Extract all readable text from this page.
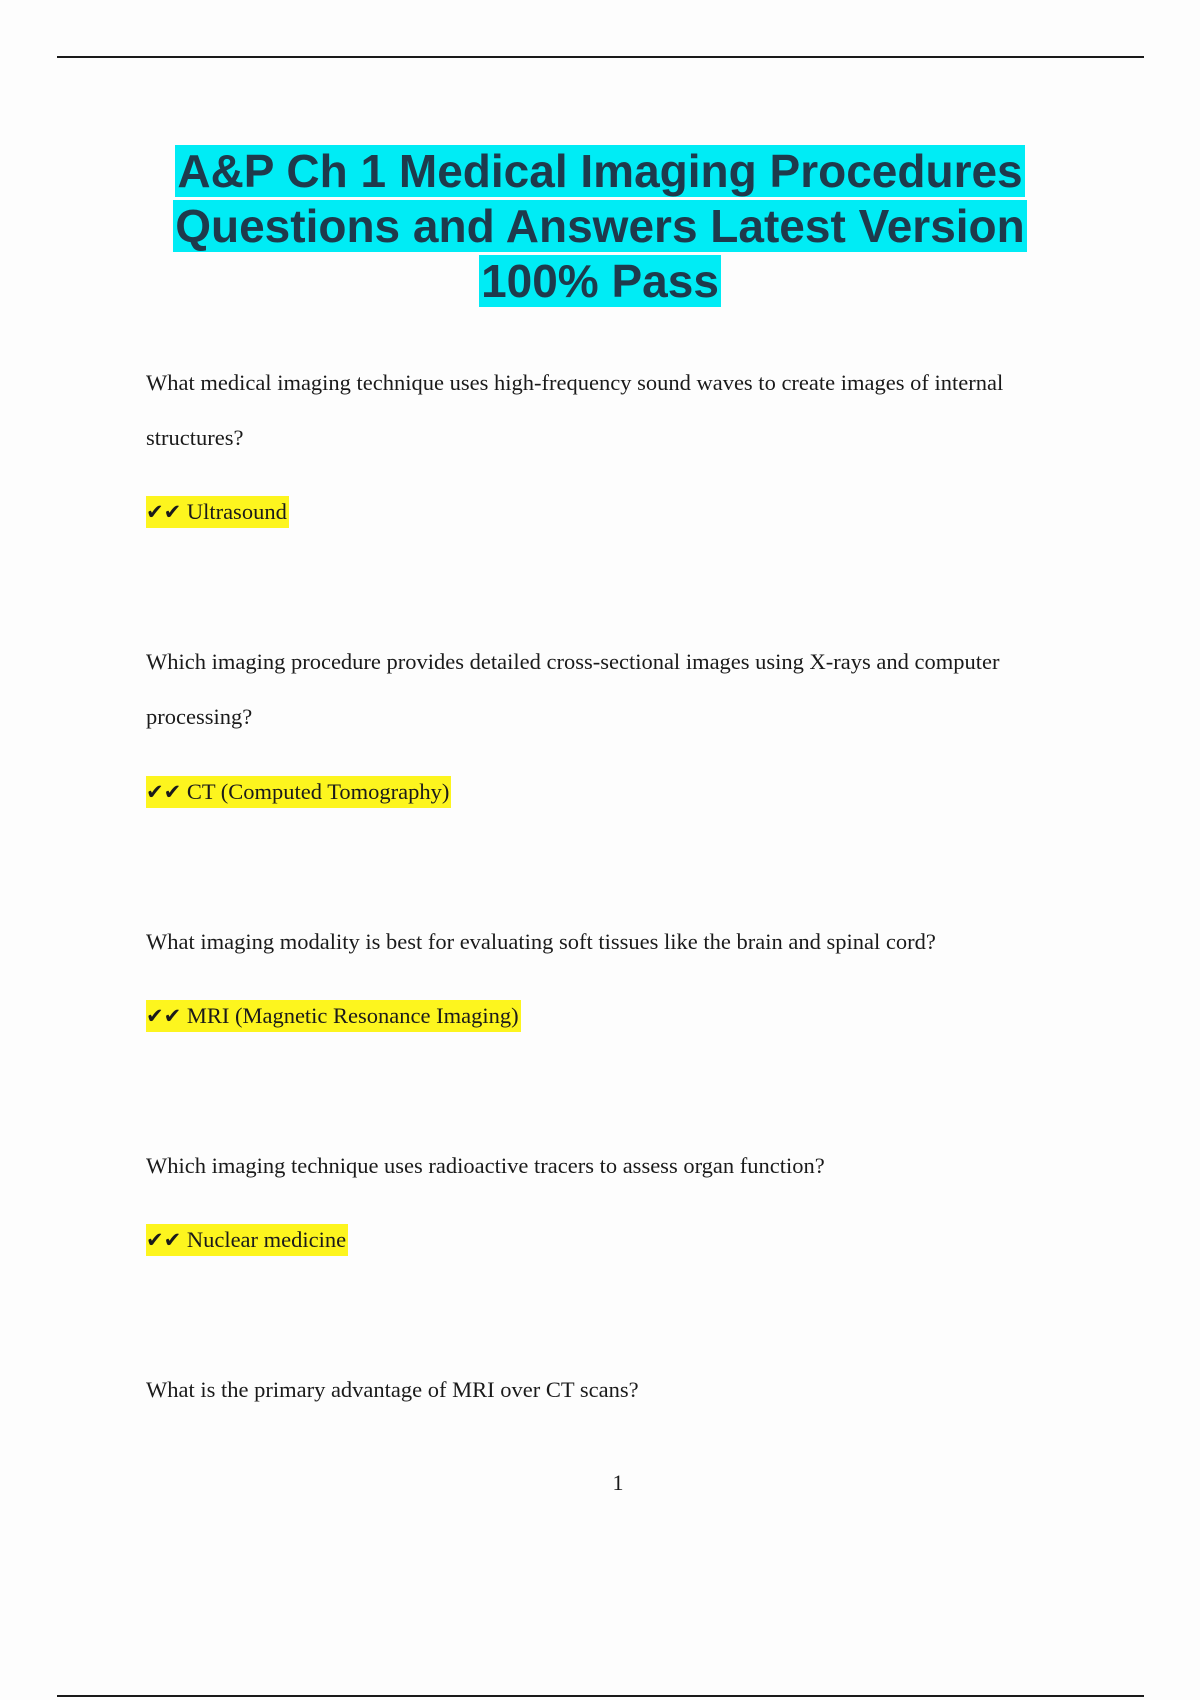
A&P Ch 1 Medical Imaging Procedures
Questions and Answers Latest Version
100% Pass

What medical imaging technique uses high-frequency sound waves to create images of internal structures?

✔✔ Ultrasound

Which imaging procedure provides detailed cross-sectional images using X-rays and computer processing?

✔✔ CT (Computed Tomography)

What imaging modality is best for evaluating soft tissues like the brain and spinal cord?

✔✔ MRI (Magnetic Resonance Imaging)

Which imaging technique uses radioactive tracers to assess organ function?

✔✔ Nuclear medicine

What is the primary advantage of MRI over CT scans?

1
